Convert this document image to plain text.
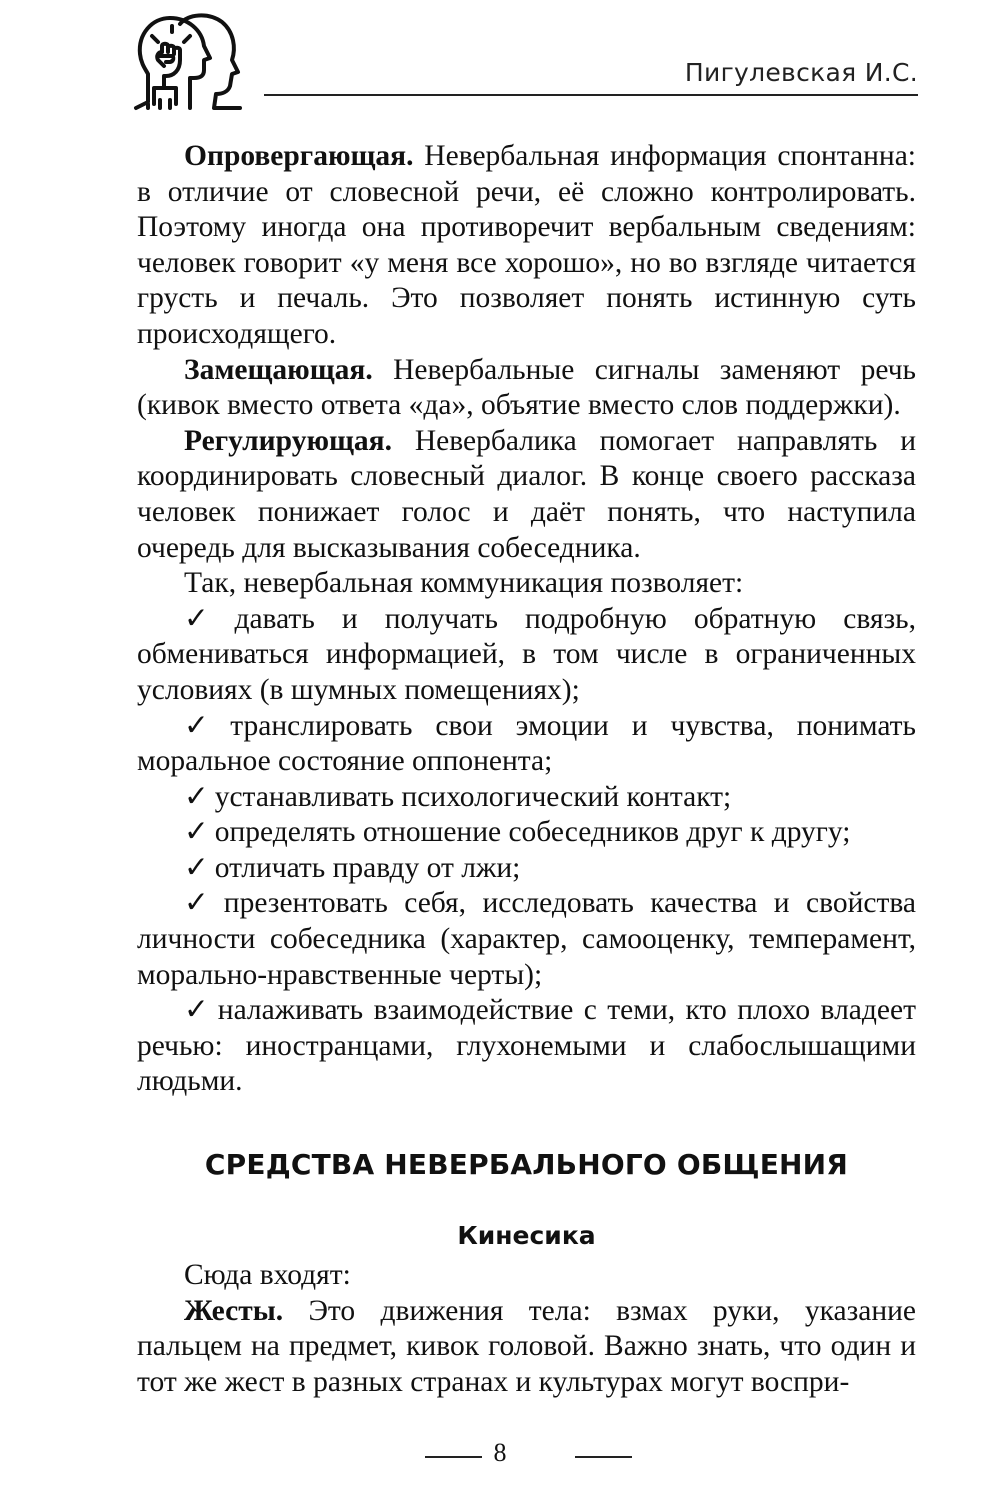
Пигулевская И.С.

Опровергающая. Невербальная информация спонтанна: в отличие от словесной речи, её сложно контролировать. Поэтому иногда она противоречит вербальным сведениям: человек говорит «у меня все хорошо», но во взгляде читается грусть и печаль. Это позволяет понять истинную суть происходящего.

Замещающая. Невербальные сигналы заменяют речь (кивок вместо ответа «да», объятие вместо слов поддержки).

Регулирующая. Невербалика помогает направлять и координировать словесный диалог. В конце своего рассказа человек понижает голос и даёт понять, что наступила очередь для высказывания собеседника.

Так, невербальная коммуникация позволяет:

✓ давать и получать подробную обратную связь, обмениваться информацией, в том числе в ограниченных условиях (в шумных помещениях);

✓ транслировать свои эмоции и чувства, понимать моральное состояние оппонента;

✓ устанавливать психологический контакт;

✓ определять отношение собеседников друг к другу;

✓ отличать правду от лжи;

✓ презентовать себя, исследовать качества и свойства личности собеседника (характер, самооценку, темперамент, морально-нравственные черты);

✓ налаживать взаимодействие с теми, кто плохо владеет речью: иностранцами, глухонемыми и слабослышащими людьми.

СРЕДСТВА НЕВЕРБАЛЬНОГО ОБЩЕНИЯ
Кинесика

Сюда входят:

Жесты. Это движения тела: взмах руки, указание пальцем на предмет, кивок головой. Важно знать, что один и тот же жест в разных странах и культурах могут воспри-

8
